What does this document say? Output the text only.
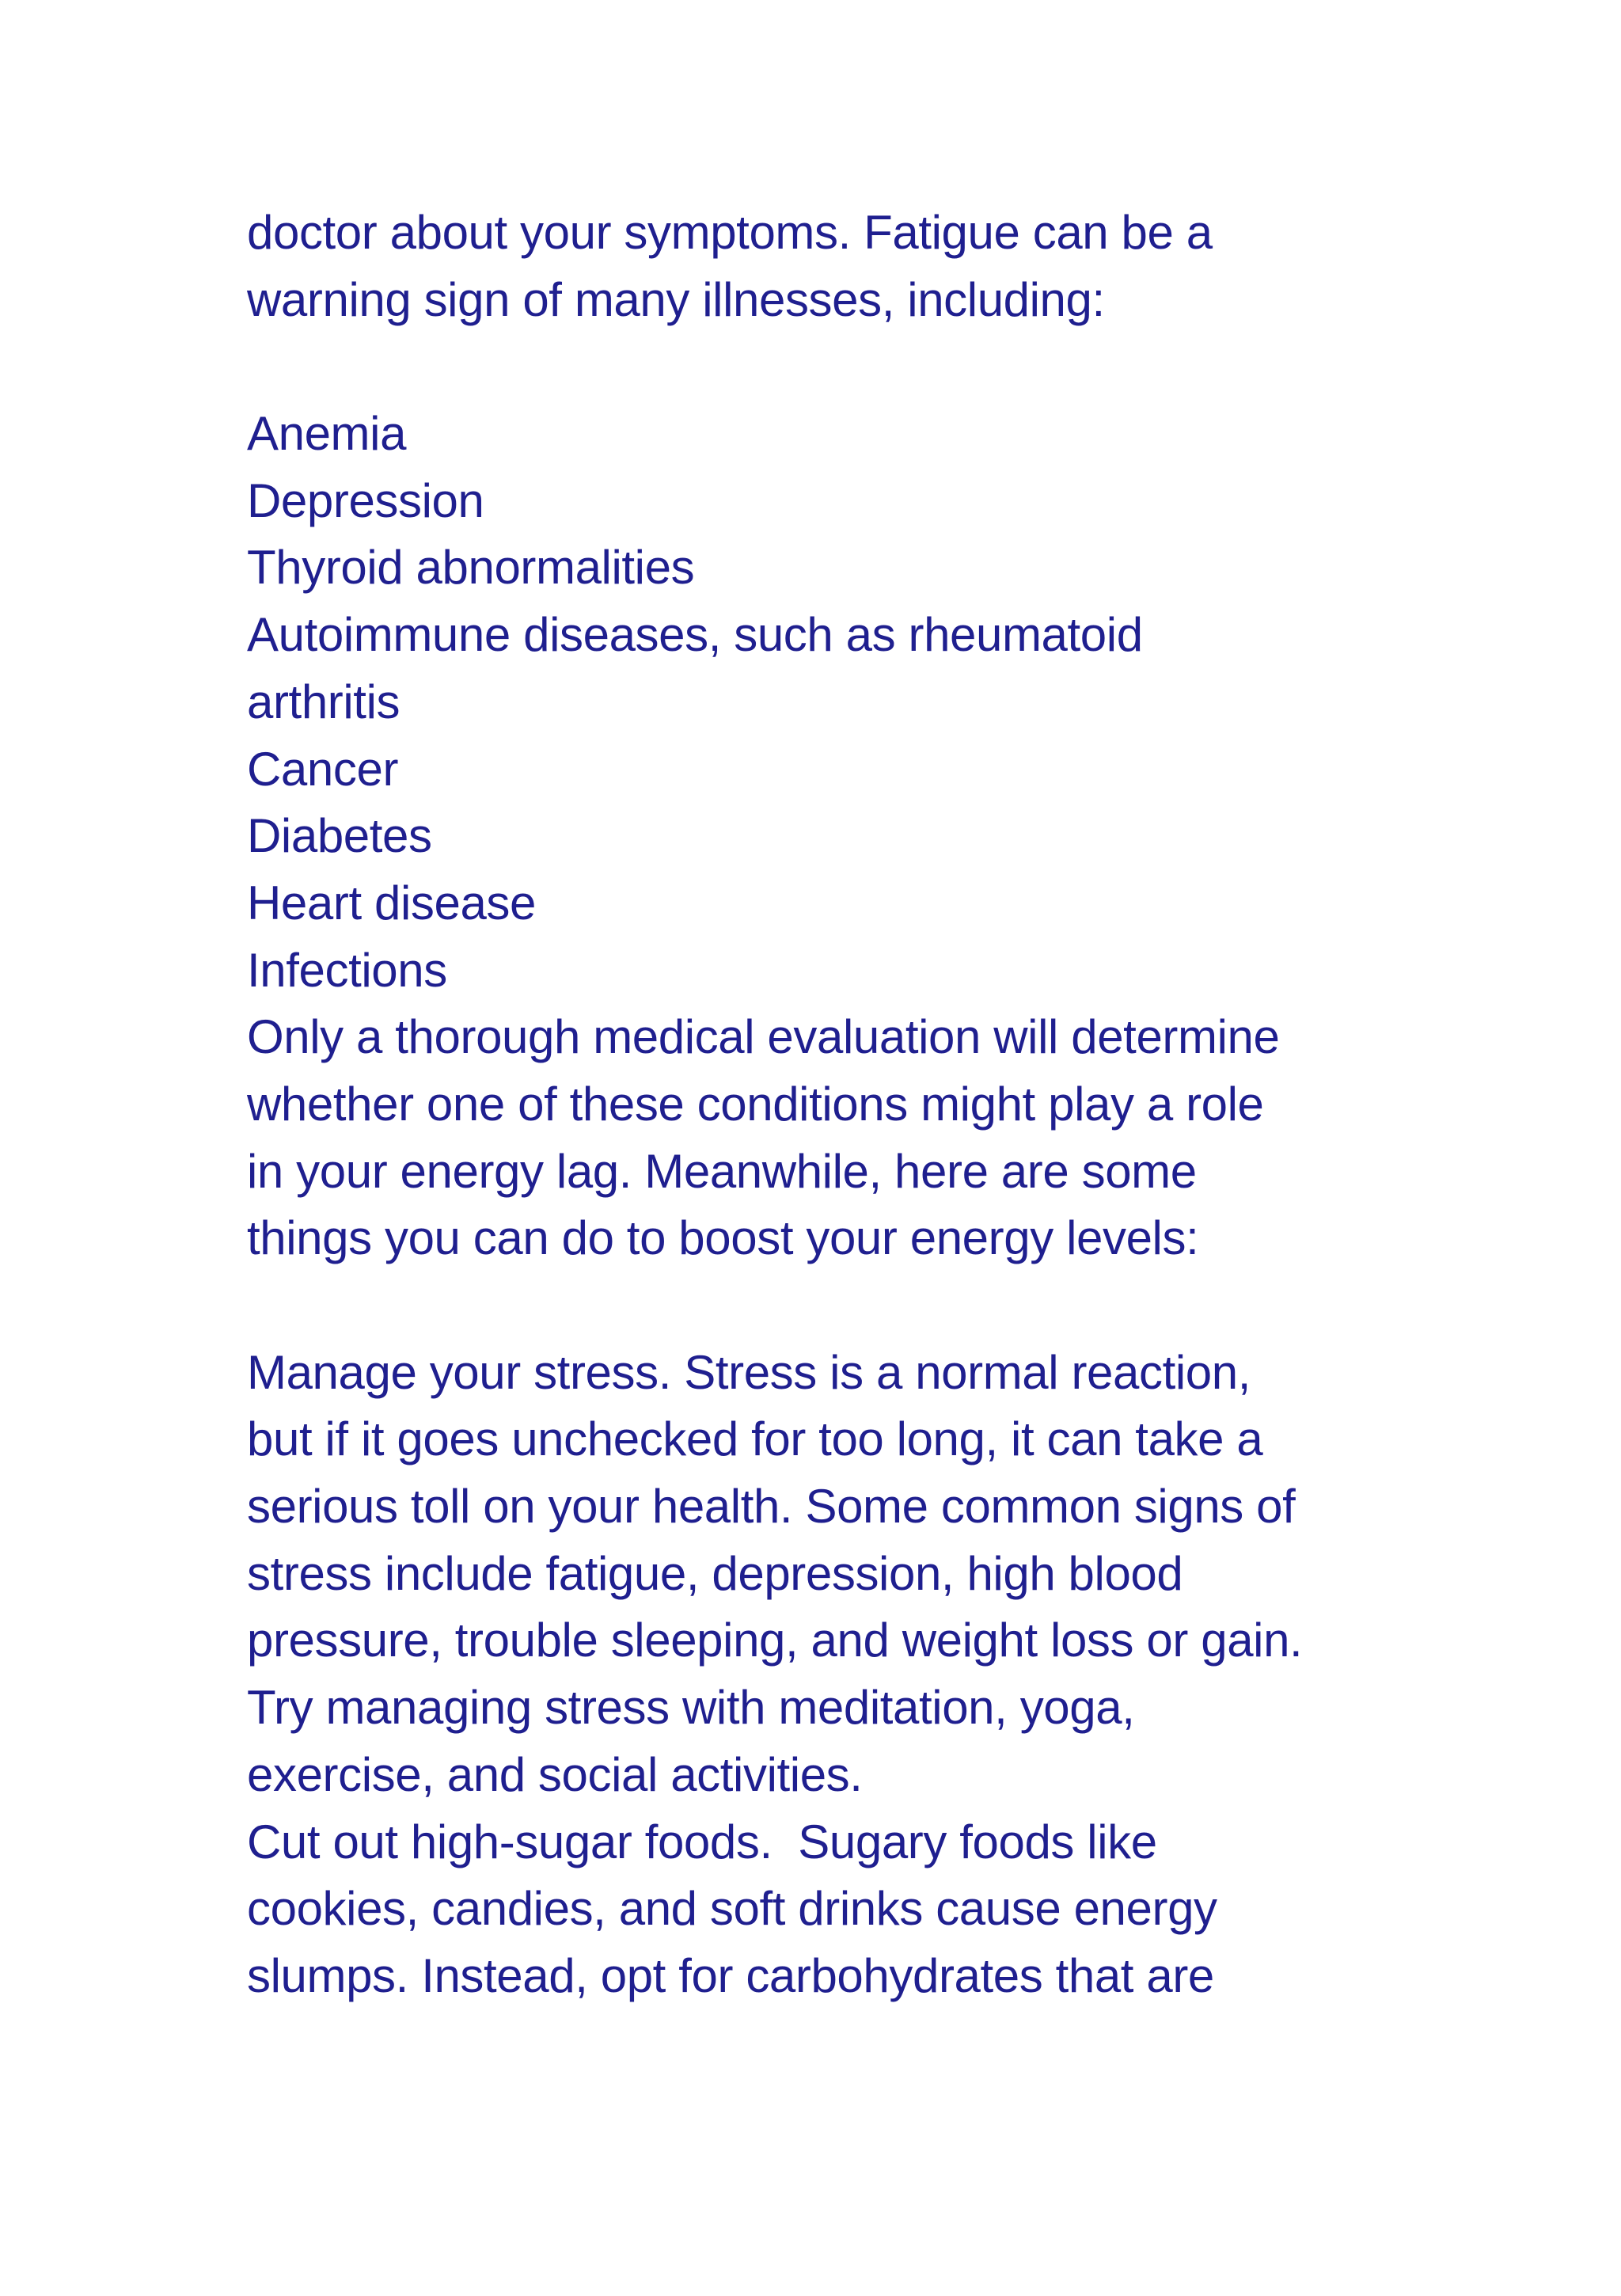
doctor about your symptoms. Fatigue can be a
warning sign of many illnesses, including:
Anemia
Depression
Thyroid abnormalities
Autoimmune diseases, such as rheumatoid
arthritis
Cancer
Diabetes
Heart disease
Infections
Only a thorough medical evaluation will determine
whether one of these conditions might play a role
in your energy lag. Meanwhile, here are some
things you can do to boost your energy levels:
Manage your stress. Stress is a normal reaction,
but if it goes unchecked for too long, it can take a
serious toll on your health. Some common signs of
stress include fatigue, depression, high blood
pressure, trouble sleeping, and weight loss or gain.
Try managing stress with meditation, yoga,
exercise, and social activities.
Cut out high-sugar foods.  Sugary foods like
cookies, candies, and soft drinks cause energy
slumps. Instead, opt for carbohydrates that are
